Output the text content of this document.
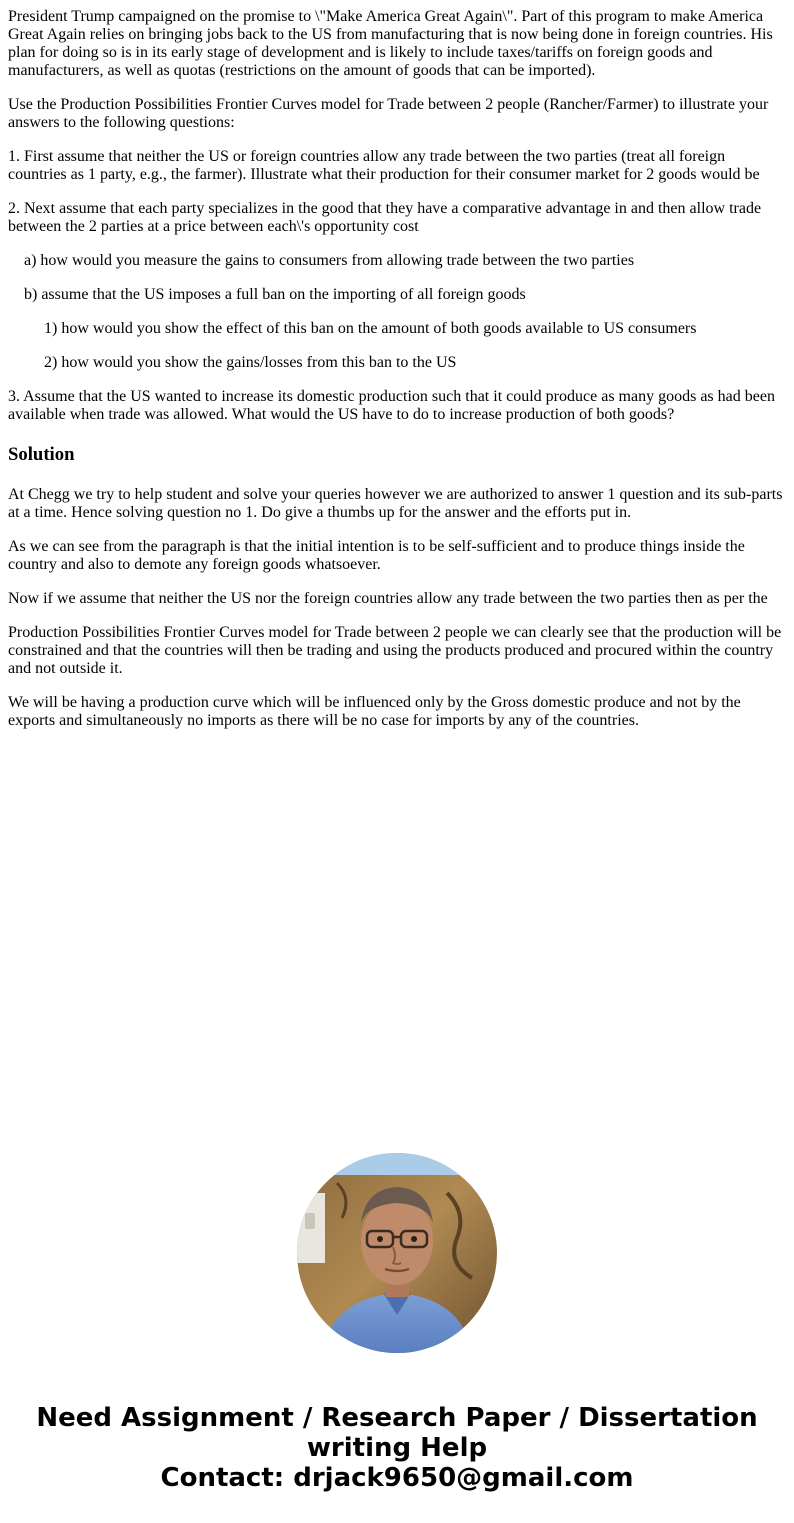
President Trump campaigned on the promise to \"Make America Great Again\". Part of this program to make America Great Again relies on bringing jobs back to the US from manufacturing that is now being done in foreign countries. His plan for doing so is in its early stage of development and is likely to include taxes/tariffs on foreign goods and manufacturers, as well as quotas (restrictions on the amount of goods that can be imported).

Use the Production Possibilities Frontier Curves model for Trade between 2 people (Rancher/Farmer) to illustrate your answers to the following questions:

1. First assume that neither the US or foreign countries allow any trade between the two parties (treat all foreign countries as 1 party, e.g., the farmer). Illustrate what their production for their consumer market for 2 goods would be

2. Next assume that each party specializes in the good that they have a comparative advantage in and then allow trade between the 2 parties at a price between each\'s opportunity cost

a) how would you measure the gains to consumers from allowing trade between the two parties

b) assume that the US imposes a full ban on the importing of all foreign goods

1) how would you show the effect of this ban on the amount of both goods available to US consumers

2) how would you show the gains/losses from this ban to the US

3. Assume that the US wanted to increase its domestic production such that it could produce as many goods as had been available when trade was allowed. What would the US have to do to increase production of both goods?

Solution

At Chegg we try to help student and solve your queries however we are authorized to answer 1 question and its sub-parts at a time. Hence solving question no 1. Do give a thumbs up for the answer and the efforts put in.

As we can see from the paragraph is that the initial intention is to be self-sufficient and to produce things inside the country and also to demote any foreign goods whatsoever.

Now if we assume that neither the US nor the foreign countries allow any trade between the two parties then as per the

Production Possibilities Frontier Curves model for Trade between 2 people we can clearly see that the production will be constrained and that the countries will then be trading and using the products produced and procured within the country and not outside it.

We will be having a production curve which will be influenced only by the Gross domestic produce and not by the exports and simultaneously no imports as there will be no case for imports by any of the countries.

Need Assignment / Research Paper / Dissertation writing Help
Contact: drjack9650@gmail.com
